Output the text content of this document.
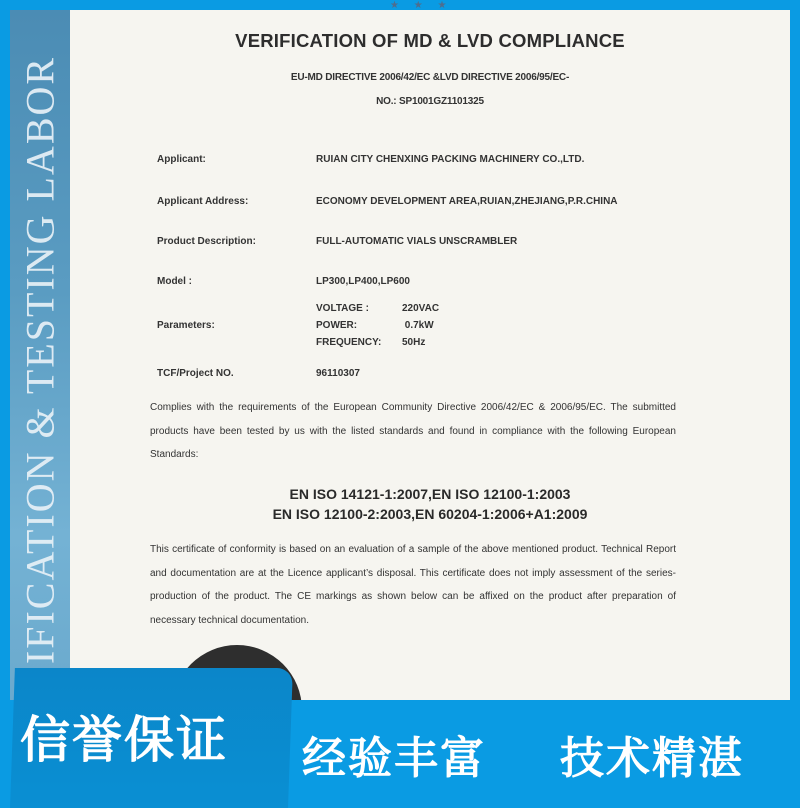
IFICATION & TESTING LABOR
★ ★ ★
VERIFICATION OF MD & LVD COMPLIANCE
EU-MD DIRECTIVE 2006/42/EC &LVD DIRECTIVE 2006/95/EC-
NO.: SP1001GZ1101325
Applicant:	RUIAN CITY CHENXING PACKING MACHINERY CO.,LTD.
Applicant Address:	ECONOMY DEVELOPMENT AREA,RUIAN,ZHEJIANG,P.R.CHINA
Product Description:	FULL-AUTOMATIC VIALS UNSCRAMBLER
Model :	LP300,LP400,LP600
Parameters:
VOLTAGE :	220VAC
POWER:	0.7kW
FREQUENCY: 50Hz
TCF/Project NO.	96110307
Complies with the requirements of the European Community Directive 2006/42/EC & 2006/95/EC. The submitted products have been tested by us with the listed standards and found in compliance with the following European Standards:
EN ISO 14121-1:2007,EN ISO 12100-1:2003
EN ISO 12100-2:2003,EN 60204-1:2006+A1:2009
This certificate of conformity is based on an evaluation of a sample of the above mentioned product. Technical Report and documentation are at the Licence applicant’s disposal. This certificate does not imply assessment of the series-production of the product. The CE markings as shown below can be affixed on the product after preparation of necessary technical documentation.
信誉保证 经验丰富 技术精湛
